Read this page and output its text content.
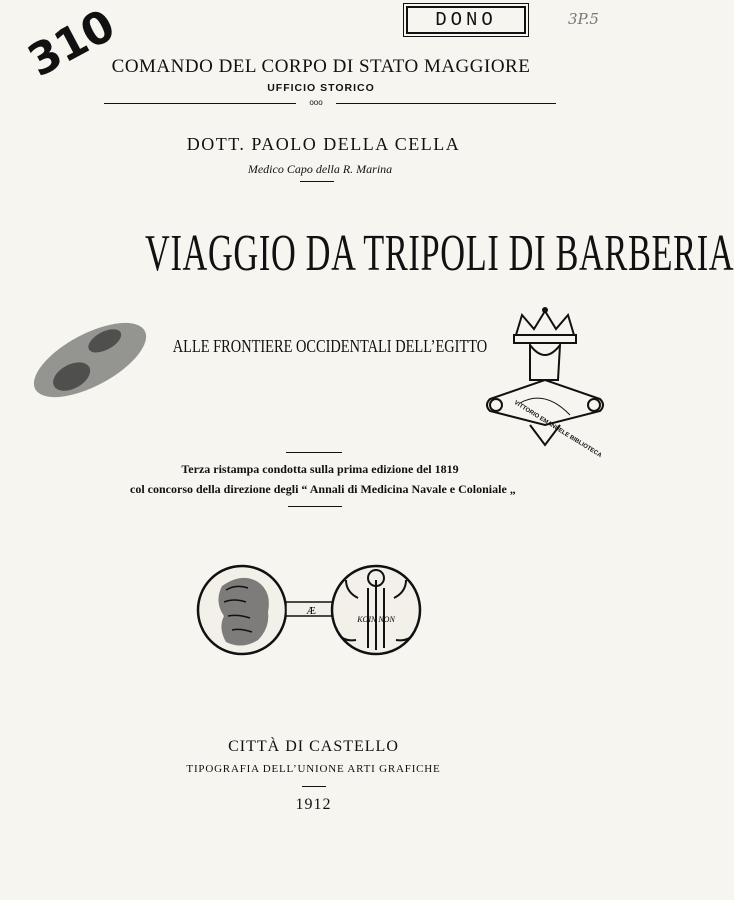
DONO	3P.5
310
COMANDO DEL CORPO DI STATO MAGGIORE
UFFICIO STORICO
ooo
DOTT. PAOLO DELLA CELLA
Medico Capo della R. Marina
VIAGGIO DA TRIPOLI DI BARBERIA
ALLE FRONTIERE OCCIDENTALI DELL’EGITTO
VITTORIO EMANUELE BIBLIOTECA
Terza ristampa condotta sulla prima edizione del 1819
col concorso della direzione degli “ Annali di Medicina Navale e Coloniale „
Æ
KOIN NON
CITTÀ DI CASTELLO
TIPOGRAFIA DELL’UNIONE ARTI GRAFICHE
1912
